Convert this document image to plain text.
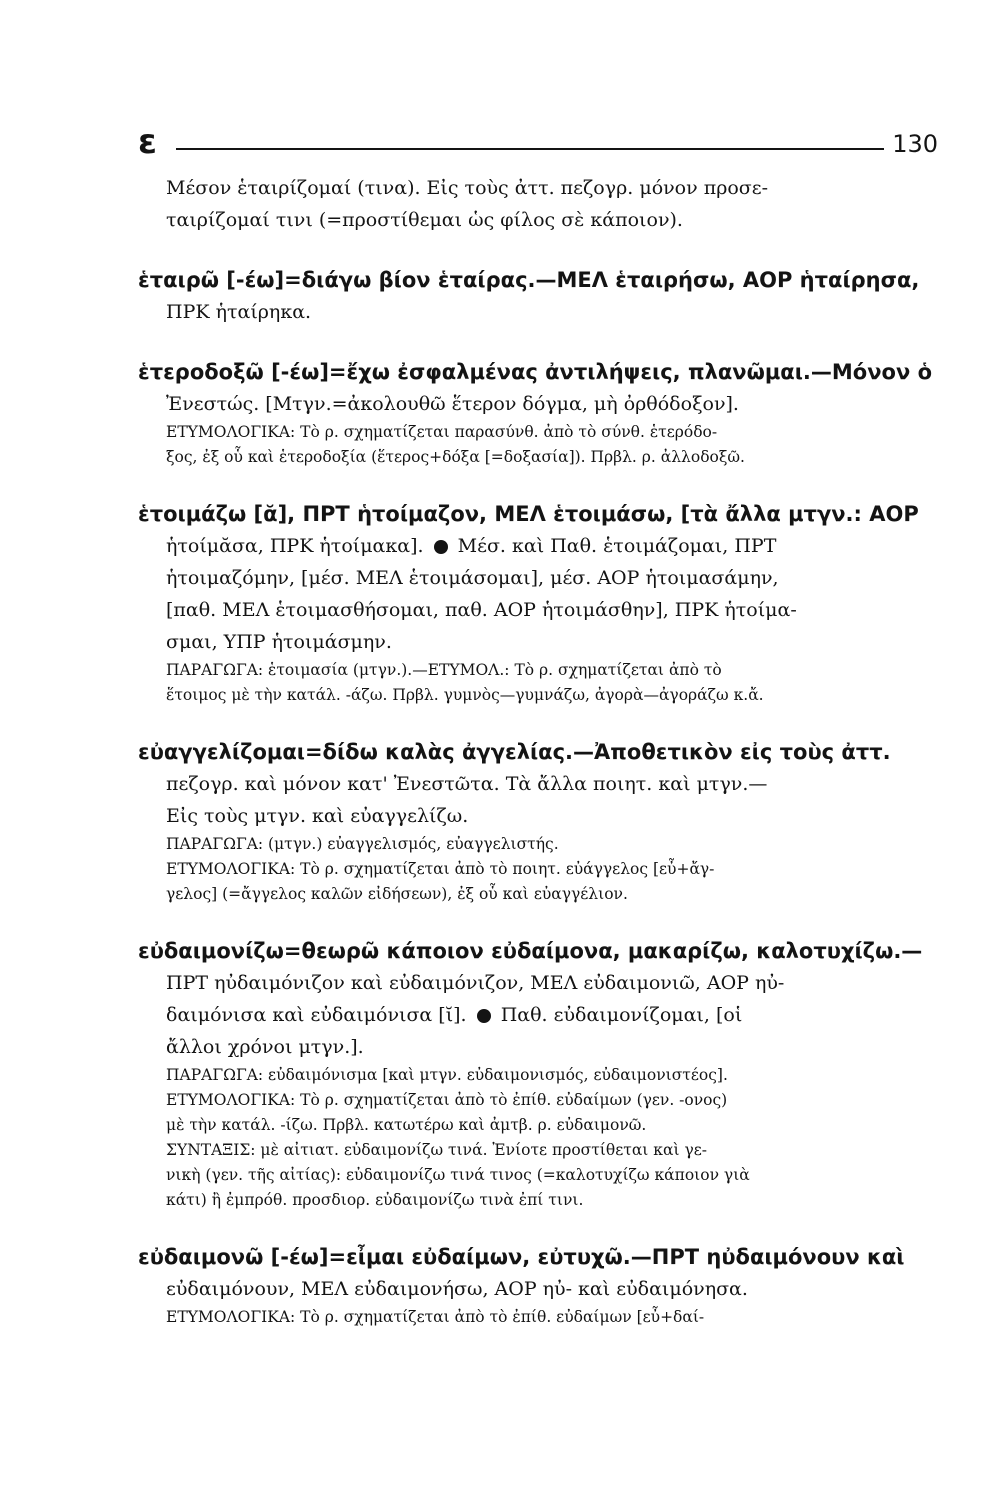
ε	130
Μέσον ἑταιρίζομαί (τινα). Εἰς τοὺς ἀττ. πεζογρ. μόνον προσε-
ταιρίζομαί τινι (=προστίθεμαι ὡς φίλος σὲ κάποιον).
ἑταιρῶ [-έω]=διάγω βίον ἑταίρας.—ΜΕΛ ἑταιρήσω, ΑΟΡ ἡταίρησα,
ΠΡΚ ἡταίρηκα.
ἑτεροδοξῶ [-έω]=ἔχω ἐσφαλμένας ἀντιλήψεις, πλανῶμαι.—Μόνον ὁ
Ἐνεστώς. [Μτγν.=ἀκολουθῶ ἕτερον δόγμα, μὴ ὀρθόδοξον].
ΕΤΥΜΟΛΟΓΙΚΑ: Τὸ ρ. σχηματίζεται παρασύνθ. ἀπὸ τὸ σύνθ. ἑτερόδο-
ξος, ἐξ οὗ καὶ ἑτεροδοξία (ἕτερος+δόξα [=δοξασία]). Πρβλ. ρ. ἀλλοδοξῶ.
ἑτοιμάζω [ᾰ], ΠΡΤ ἡτοίμαζον, ΜΕΛ ἑτοιμάσω, [τὰ ἄλλα μτγν.: ΑΟΡ
ἡτοίμᾰσα, ΠΡΚ ἡτοίμακα]. Μέσ. καὶ Παθ. ἑτοιμάζομαι, ΠΡΤ
ἡτοιμαζόμην, [μέσ. ΜΕΛ ἑτοιμάσομαι], μέσ. ΑΟΡ ἡτοιμασάμην,
[παθ. ΜΕΛ ἑτοιμασθήσομαι, παθ. ΑΟΡ ἡτοιμάσθην], ΠΡΚ ἡτοίμα-
σμαι, ΥΠΡ ἡτοιμάσμην.
ΠΑΡΑΓΩΓΑ: ἑτοιμασία (μτγν.).—ΕΤΥΜΟΛ.: Τὸ ρ. σχηματίζεται ἀπὸ τὸ
ἕτοιμος μὲ τὴν κατάλ. -άζω. Πρβλ. γυμνὸς—γυμνάζω, ἀγορὰ—ἀγοράζω κ.ἄ.
εὐαγγελίζομαι=δίδω καλὰς ἀγγελίας.—Ἀποθετικὸν εἰς τοὺς ἀττ.
πεζογρ. καὶ μόνον κατ' Ἐνεστῶτα. Τὰ ἄλλα ποιητ. καὶ μτγν.—
Εἰς τοὺς μτγν. καὶ εὐαγγελίζω.
ΠΑΡΑΓΩΓΑ: (μτγν.) εὐαγγελισμός, εὐαγγελιστής.
ΕΤΥΜΟΛΟΓΙΚΑ: Τὸ ρ. σχηματίζεται ἀπὸ τὸ ποιητ. εὐάγγελος [εὖ+ἄγ-
γελος] (=ἄγγελος καλῶν εἰδήσεων), ἐξ οὗ καὶ εὐαγγέλιον.
εὐδαιμονίζω=θεωρῶ κάποιον εὐδαίμονα, μακαρίζω, καλοτυχίζω.—
ΠΡΤ ηὐδαιμόνιζον καὶ εὐδαιμόνιζον, ΜΕΛ εὐδαιμονιῶ, ΑΟΡ ηὐ-
δαιμόνισα καὶ εὐδαιμόνισα [ῐ]. Παθ. εὐδαιμονίζομαι, [οἱ
ἄλλοι χρόνοι μτγν.].
ΠΑΡΑΓΩΓΑ: εὐδαιμόνισμα [καὶ μτγν. εὐδαιμονισμός, εὐδαιμονιστέος].
ΕΤΥΜΟΛΟΓΙΚΑ: Τὸ ρ. σχηματίζεται ἀπὸ τὸ ἐπίθ. εὐδαίμων (γεν. -ονος)
μὲ τὴν κατάλ. -ίζω. Πρβλ. κατωτέρω καὶ ἀμτβ. ρ. εὐδαιμονῶ.
ΣΥΝΤΑΞΙΣ: μὲ αἰτιατ. εὐδαιμονίζω τινά. Ἐνίοτε προστίθεται καὶ γε-
νικὴ (γεν. τῆς αἰτίας): εὐδαιμονίζω τινά τινος (=καλοτυχίζω κάποιον γιὰ
κάτι) ἢ ἐμπρόθ. προσδιορ. εὐδαιμονίζω τινὰ ἐπί τινι.
εὐδαιμονῶ [-έω]=εἶμαι εὐδαίμων, εὐτυχῶ.—ΠΡΤ ηὐδαιμόνουν καὶ
εὐδαιμόνουν, ΜΕΛ εὐδαιμονήσω, ΑΟΡ ηὐ- καὶ εὐδαιμόνησα.
ΕΤΥΜΟΛΟΓΙΚΑ: Τὸ ρ. σχηματίζεται ἀπὸ τὸ ἐπίθ. εὐδαίμων [εὖ+δαί-
